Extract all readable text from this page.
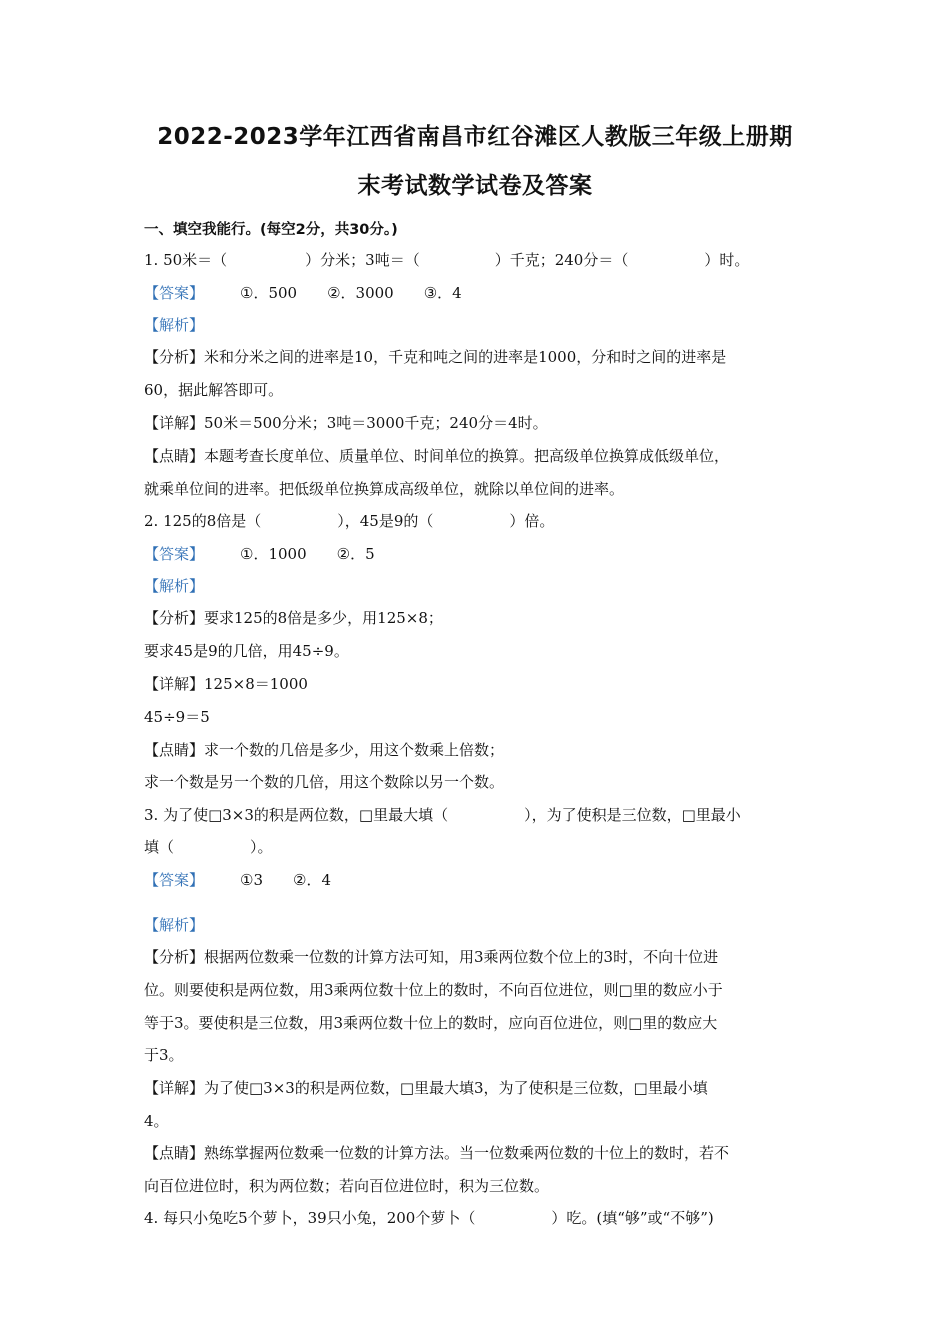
2022-2023学年江西省南昌市红谷滩区人教版三年级上册期
末考试数学试卷及答案
一、填空我能行。(每空2分，共30分。)
1. 50米＝（	）分米；3吨＝（	）千克；240分＝（	）时。
【答案】 ①．500 ②．3000 ③．4
【解析】
【分析】米和分米之间的进率是10，千克和吨之间的进率是1000，分和时之间的进率是
60，据此解答即可。
【详解】50米＝500分米；3吨＝3000千克；240分＝4时。
【点睛】本题考查长度单位、质量单位、时间单位的换算。把高级单位换算成低级单位，
就乘单位间的进率。把低级单位换算成高级单位，就除以单位间的进率。
2. 125的8倍是（	），45是9的（	）倍。
【答案】 ①．1000 ②．5
【解析】
【分析】要求125的8倍是多少，用125×8；
要求45是9的几倍，用45÷9。
【详解】125×8＝1000
45÷9＝5
【点睛】求一个数的几倍是多少，用这个数乘上倍数；
求一个数是另一个数的几倍，用这个数除以另一个数。
3. 为了使□3×3的积是两位数，□里最大填（	），为了使积是三位数，□里最小
填（	）。
【答案】 ①3 ②．4
【解析】
【分析】根据两位数乘一位数的计算方法可知，用3乘两位数个位上的3时，不向十位进
位。则要使积是两位数，用3乘两位数十位上的数时，不向百位进位，则□里的数应小于
等于3。要使积是三位数，用3乘两位数十位上的数时，应向百位进位，则□里的数应大
于3。
【详解】为了使□3×3的积是两位数，□里最大填3，为了使积是三位数，□里最小填
4。
【点睛】熟练掌握两位数乘一位数的计算方法。当一位数乘两位数的十位上的数时，若不
向百位进位时，积为两位数；若向百位进位时，积为三位数。
4. 每只小兔吃5个萝卜，39只小兔，200个萝卜（	）吃。(填“够”或“不够”)
